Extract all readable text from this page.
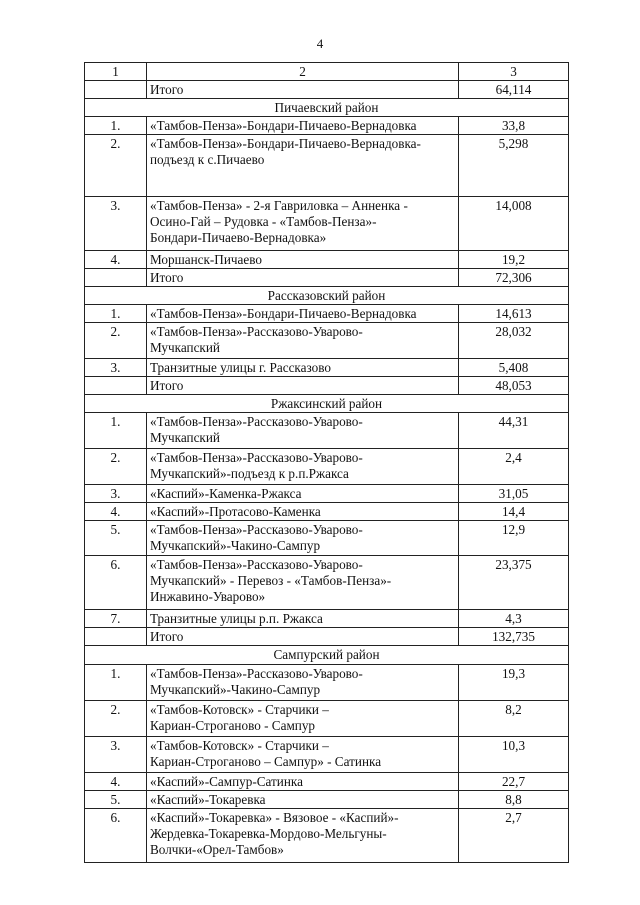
4
1	2	3
	Итого	64,114
Пичаевский район		
1.	«Тамбов-Пенза»-Бондари-Пичаево-Вернадовка	33,8
2.	«Тамбов-Пенза»-Бондари-Пичаево-Вернадовка-
подъезд к с.Пичаево	5,298
3.	«Тамбов-Пенза» - 2-я Гавриловка – Анненка -
Осино-Гай – Рудовка - «Тамбов-Пенза»-
Бондари-Пичаево-Вернадовка»	14,008
4.	Моршанск-Пичаево	19,2
	Итого	72,306
Рассказовский район		
1.	«Тамбов-Пенза»-Бондари-Пичаево-Вернадовка	14,613
2.	«Тамбов-Пенза»-Рассказово-Уварово-
Мучкапский	28,032
3.	Транзитные улицы г. Рассказово	5,408
	Итого	48,053
Ржаксинский район		
1.	«Тамбов-Пенза»-Рассказово-Уварово-
Мучкапский	44,31
2.	«Тамбов-Пенза»-Рассказово-Уварово-
Мучкапский»-подъезд к р.п.Ржакса	2,4
3.	«Каспий»-Каменка-Ржакса	31,05
4.	«Каспий»-Протасово-Каменка	14,4
5.	«Тамбов-Пенза»-Рассказово-Уварово-
Мучкапский»-Чакино-Сампур	12,9
6.	«Тамбов-Пенза»-Рассказово-Уварово-
Мучкапский» - Перевоз - «Тамбов-Пенза»-
Инжавино-Уварово»	23,375
7.	Транзитные улицы р.п. Ржакса	4,3
	Итого	132,735
Сампурский район		
1.	«Тамбов-Пенза»-Рассказово-Уварово-
Мучкапский»-Чакино-Сампур	19,3
2.	«Тамбов-Котовск» - Старчики –
Кариан-Строганово - Сампур	8,2
3.	«Тамбов-Котовск» - Старчики –
Кариан-Строганово – Сампур» - Сатинка	10,3
4.	«Каспий»-Сампур-Сатинка	22,7
5.	«Каспий»-Токаревка	8,8
6.	«Каспий»-Токаревка» - Вязовое - «Каспий»-
Жердевка-Токаревка-Мордово-Мельгуны-
Волчки-«Орел-Тамбов»	2,7
